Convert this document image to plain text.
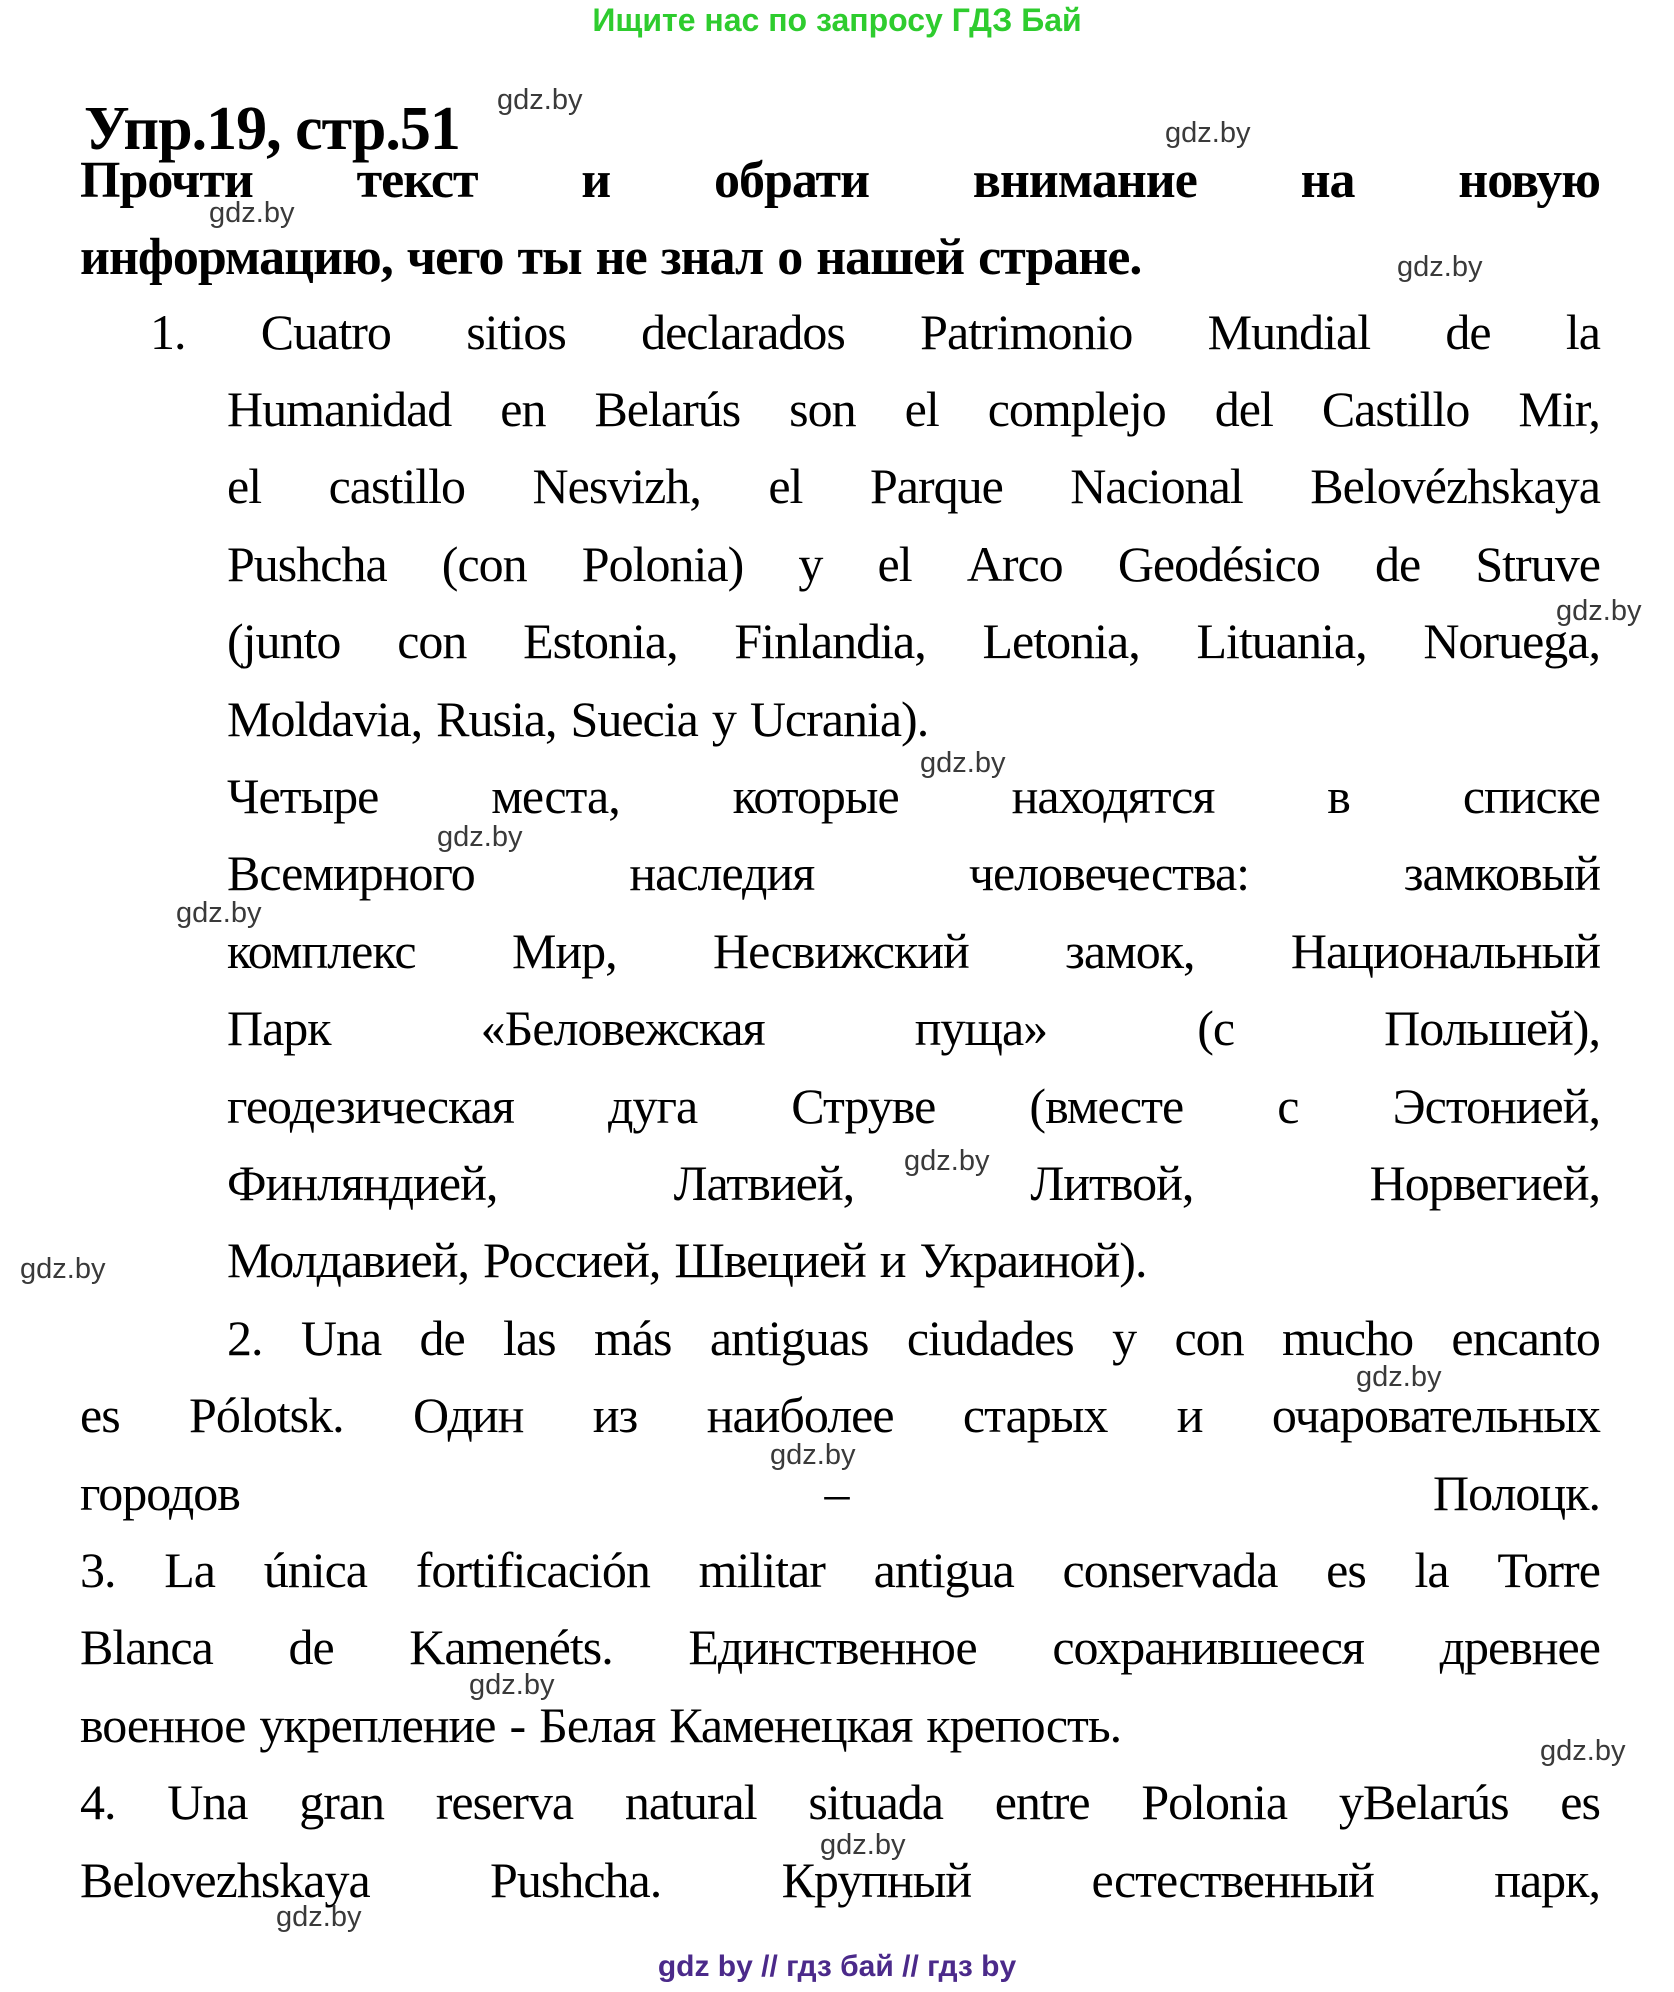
Ищите нас по запросу ГДЗ Бай
Упр.19, стр.51
Прочти текст и обрати внимание на новую
информацию, чего ты не знал о нашей стране.
1. Cuatro sitios declarados Patrimonio Mundial de la
Humanidad en Belarús son el complejo del Castillo Mir,
el castillo Nesvizh, el Parque Nacional Belovézhskaya
Pushcha (con Polonia) y el Arco Geodésico de Struve
(junto con Estonia, Finlandia, Letonia, Lituania, Noruega,
Moldavia, Rusia, Suecia y Ucrania).
Четыре места, которые находятся в списке
Всемирного	наследия	человечества:	замковый
комплекс Мир, Несвижский замок, Национальный
Парк	«Беловежская	пуща»	(с	Польшей),
геодезическая дуга Струве (вместе с Эстонией,
Финляндией,	Латвией,	Литвой,	Норвегией,
Молдавией, Россией, Швецией и Украиной).
2. Una de las más antiguas ciudades y con mucho encanto
es Pólotsk. Один из наиболее старых и очаровательных
городов	–	Полоцк.
3. La única fortificación militar antigua conservada es la Torre
Blanca de Kamenéts. Единственное сохранившееся древнее
военное укрепление - Белая Каменецкая крепость.
4. Una gran reserva natural situada entre Polonia yBelarús es
Belovezhskaya Pushcha. Крупный естественный парк,
gdz.by
gdz.by
gdz.by
gdz.by
gdz.by
gdz.by
gdz.by
gdz.by
gdz.by
gdz.by
gdz.by
gdz.by
gdz.by
gdz.by
gdz.by
gdz.by
gdz by // гдз бай // гдз by
